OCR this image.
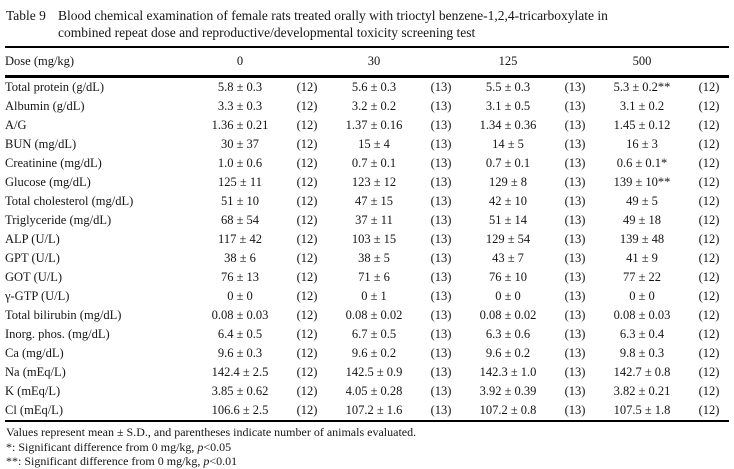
Table 9 Blood chemical examination of female rats treated orally with trioctyl benzene-1,2,4-tricarboxylate in
combined repeat dose and reproductive/developmental toxicity screening test
Dose (mg/kg)	0		30		125		500	
Total protein (g/dL)	5.8 ± 0.3	(12)	5.6 ± 0.3	(13)	5.5 ± 0.3	(13)	5.3 ± 0.2**	(12)
Albumin (g/dL)	3.3 ± 0.3	(12)	3.2 ± 0.2	(13)	3.1 ± 0.5	(13)	3.1 ± 0.2	(12)
A/G	1.36 ± 0.21	(12)	1.37 ± 0.16	(13)	1.34 ± 0.36	(13)	1.45 ± 0.12	(12)
BUN (mg/dL)	30 ± 37	(12)	15 ± 4	(13)	14 ± 5	(13)	16 ± 3	(12)
Creatinine (mg/dL)	1.0 ± 0.6	(12)	0.7 ± 0.1	(13)	0.7 ± 0.1	(13)	0.6 ± 0.1*	(12)
Glucose (mg/dL)	125 ± 11	(12)	123 ± 12	(13)	129 ± 8	(13)	139 ± 10**	(12)
Total cholesterol (mg/dL)	51 ± 10	(12)	47 ± 15	(13)	42 ± 10	(13)	49 ± 5	(12)
Triglyceride (mg/dL)	68 ± 54	(12)	37 ± 11	(13)	51 ± 14	(13)	49 ± 18	(12)
ALP (U/L)	117 ± 42	(12)	103 ± 15	(13)	129 ± 54	(13)	139 ± 48	(12)
GPT (U/L)	38 ± 6	(12)	38 ± 5	(13)	43 ± 7	(13)	41 ± 9	(12)
GOT (U/L)	76 ± 13	(12)	71 ± 6	(13)	76 ± 10	(13)	77 ± 22	(12)
γ-GTP (U/L)	0 ± 0	(12)	0 ± 1	(13)	0 ± 0	(13)	0 ± 0	(12)
Total bilirubin (mg/dL)	0.08 ± 0.03	(12)	0.08 ± 0.02	(13)	0.08 ± 0.02	(13)	0.08 ± 0.03	(12)
Inorg. phos. (mg/dL)	6.4 ± 0.5	(12)	6.7 ± 0.5	(13)	6.3 ± 0.6	(13)	6.3 ± 0.4	(12)
Ca (mg/dL)	9.6 ± 0.3	(12)	9.6 ± 0.2	(13)	9.6 ± 0.2	(13)	9.8 ± 0.3	(12)
Na (mEq/L)	142.4 ± 2.5	(12)	142.5 ± 0.9	(13)	142.3 ± 1.0	(13)	142.7 ± 0.8	(12)
K (mEq/L)	3.85 ± 0.62	(12)	4.05 ± 0.28	(13)	3.92 ± 0.39	(13)	3.82 ± 0.21	(12)
Cl (mEq/L)	106.6 ± 2.5	(12)	107.2 ± 1.6	(13)	107.2 ± 0.8	(13)	107.5 ± 1.8	(12)
Values represent mean ± S.D., and parentheses indicate number of animals evaluated.
*: Significant difference from 0 mg/kg, p<0.05
**: Significant difference from 0 mg/kg, p<0.01
